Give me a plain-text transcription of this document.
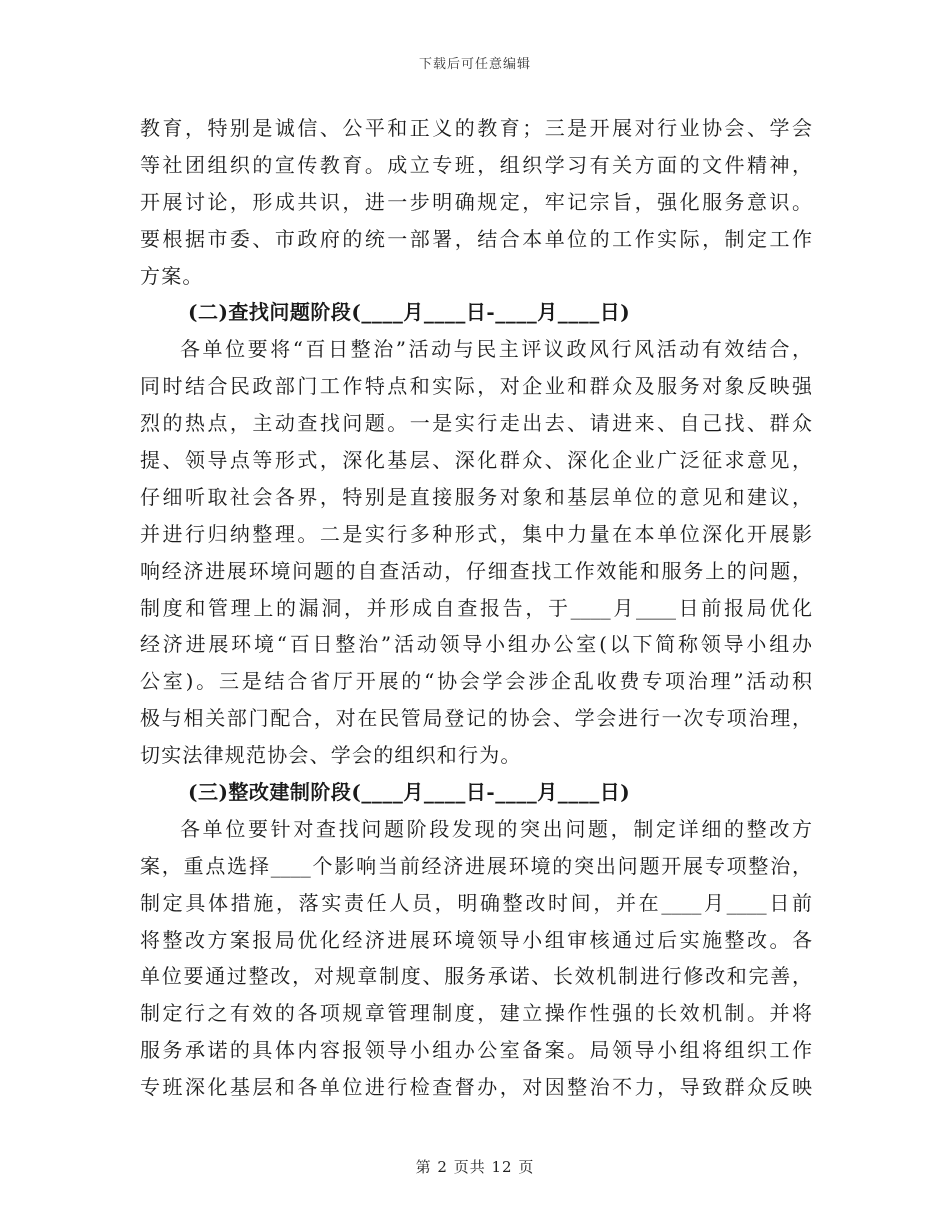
下载后可任意编辑
教育，特别是诚信、公平和正义的教育；三是开展对行业协会、学会
等社团组织的宣传教育。成立专班，组织学习有关方面的文件精神，
开展讨论，形成共识，进一步明确规定，牢记宗旨，强化服务意识。
要根据市委、市政府的统一部署，结合本单位的工作实际，制定工作
方案。
(二)查找问题阶段(____月____日-____月____日)
各单位要将“百日整治”活动与民主评议政风行风活动有效结合，
同时结合民政部门工作特点和实际，对企业和群众及服务对象反映强
烈的热点，主动查找问题。一是实行走出去、请进来、自己找、群众
提、领导点等形式，深化基层、深化群众、深化企业广泛征求意见，
仔细听取社会各界，特别是直接服务对象和基层单位的意见和建议，
并进行归纳整理。二是实行多种形式，集中力量在本单位深化开展影
响经济进展环境问题的自查活动，仔细查找工作效能和服务上的问题，
制度和管理上的漏洞，并形成自查报告，于____月____日前报局优化
经济进展环境“百日整治”活动领导小组办公室(以下简称领导小组办
公室)。三是结合省厅开展的“协会学会涉企乱收费专项治理”活动积
极与相关部门配合，对在民管局登记的协会、学会进行一次专项治理，
切实法律规范协会、学会的组织和行为。
(三)整改建制阶段(____月____日-____月____日)
各单位要针对查找问题阶段发现的突出问题，制定详细的整改方
案，重点选择____个影响当前经济进展环境的突出问题开展专项整治，
制定具体措施，落实责任人员，明确整改时间，并在____月____日前
将整改方案报局优化经济进展环境领导小组审核通过后实施整改。各
单位要通过整改，对规章制度、服务承诺、长效机制进行修改和完善，
制定行之有效的各项规章管理制度，建立操作性强的长效机制。并将
服务承诺的具体内容报领导小组办公室备案。局领导小组将组织工作
专班深化基层和各单位进行检查督办，对因整治不力，导致群众反映
第 2 页共 12 页
